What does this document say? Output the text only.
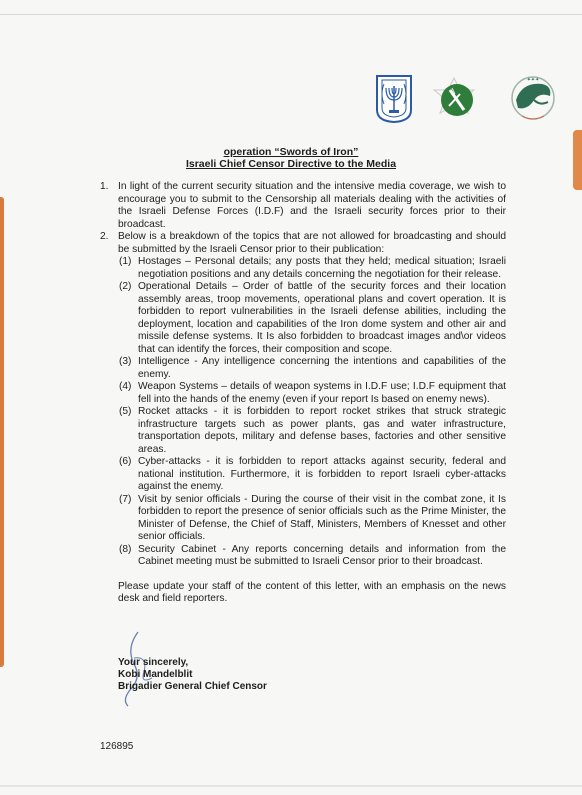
✦✦✦
operation “Swords of Iron”
Israeli Chief Censor Directive to the Media

1. In light of the current security situation and the intensive media coverage, we wish to encourage you to submit to the Censorship all materials dealing with the activities of the Israeli Defense Forces (I.D.F) and the Israeli security forces prior to their broadcast.

2. Below is a breakdown of the topics that are not allowed for broadcasting and should be submitted by the Israeli Censor prior to their publication:

(1) Hostages – Personal details; any posts that they held; medical situation; Israeli negotiation positions and any details concerning the negotiation for their release.

(2) Operational Details – Order of battle of the security forces and their location assembly areas, troop movements, operational plans and covert operation. It is forbidden to report vulnerabilities in the Israeli defense abilities, including the deployment, location and capabilities of the Iron dome system and other air and missile defense systems. It Is also forbidden to broadcast images and\or videos that can identify the forces, their composition and scope.

(3) Intelligence - Any intelligence concerning the intentions and capabilities of the enemy.

(4) Weapon Systems – details of weapon systems in I.D.F use; I.D.F equipment that fell into the hands of the enemy (even if your report Is based on enemy news).

(5) Rocket attacks - it is forbidden to report rocket strikes that struck strategic infrastructure targets such as power plants, gas and water infrastructure, transportation depots, military and defense bases, factories and other sensitive areas.

(6) Cyber-attacks - it is forbidden to report attacks against security, federal and national institution. Furthermore, it is forbidden to report Israeli cyber-attacks against the enemy.

(7) Visit by senior officials - During the course of their visit in the combat zone, it Is forbidden to report the presence of senior officials such as the Prime Minister, the Minister of Defense, the Chief of Staff, Ministers, Members of Knesset and other senior officials.

(8) Security Cabinet - Any reports concerning details and information from the Cabinet meeting must be submitted to Israeli Censor prior to their broadcast.

Please update your staff of the content of this letter, with an emphasis on the news desk and field reporters.

Your sincerely,
Kobi Mandelblit
Brigadier General Chief Censor
126895
